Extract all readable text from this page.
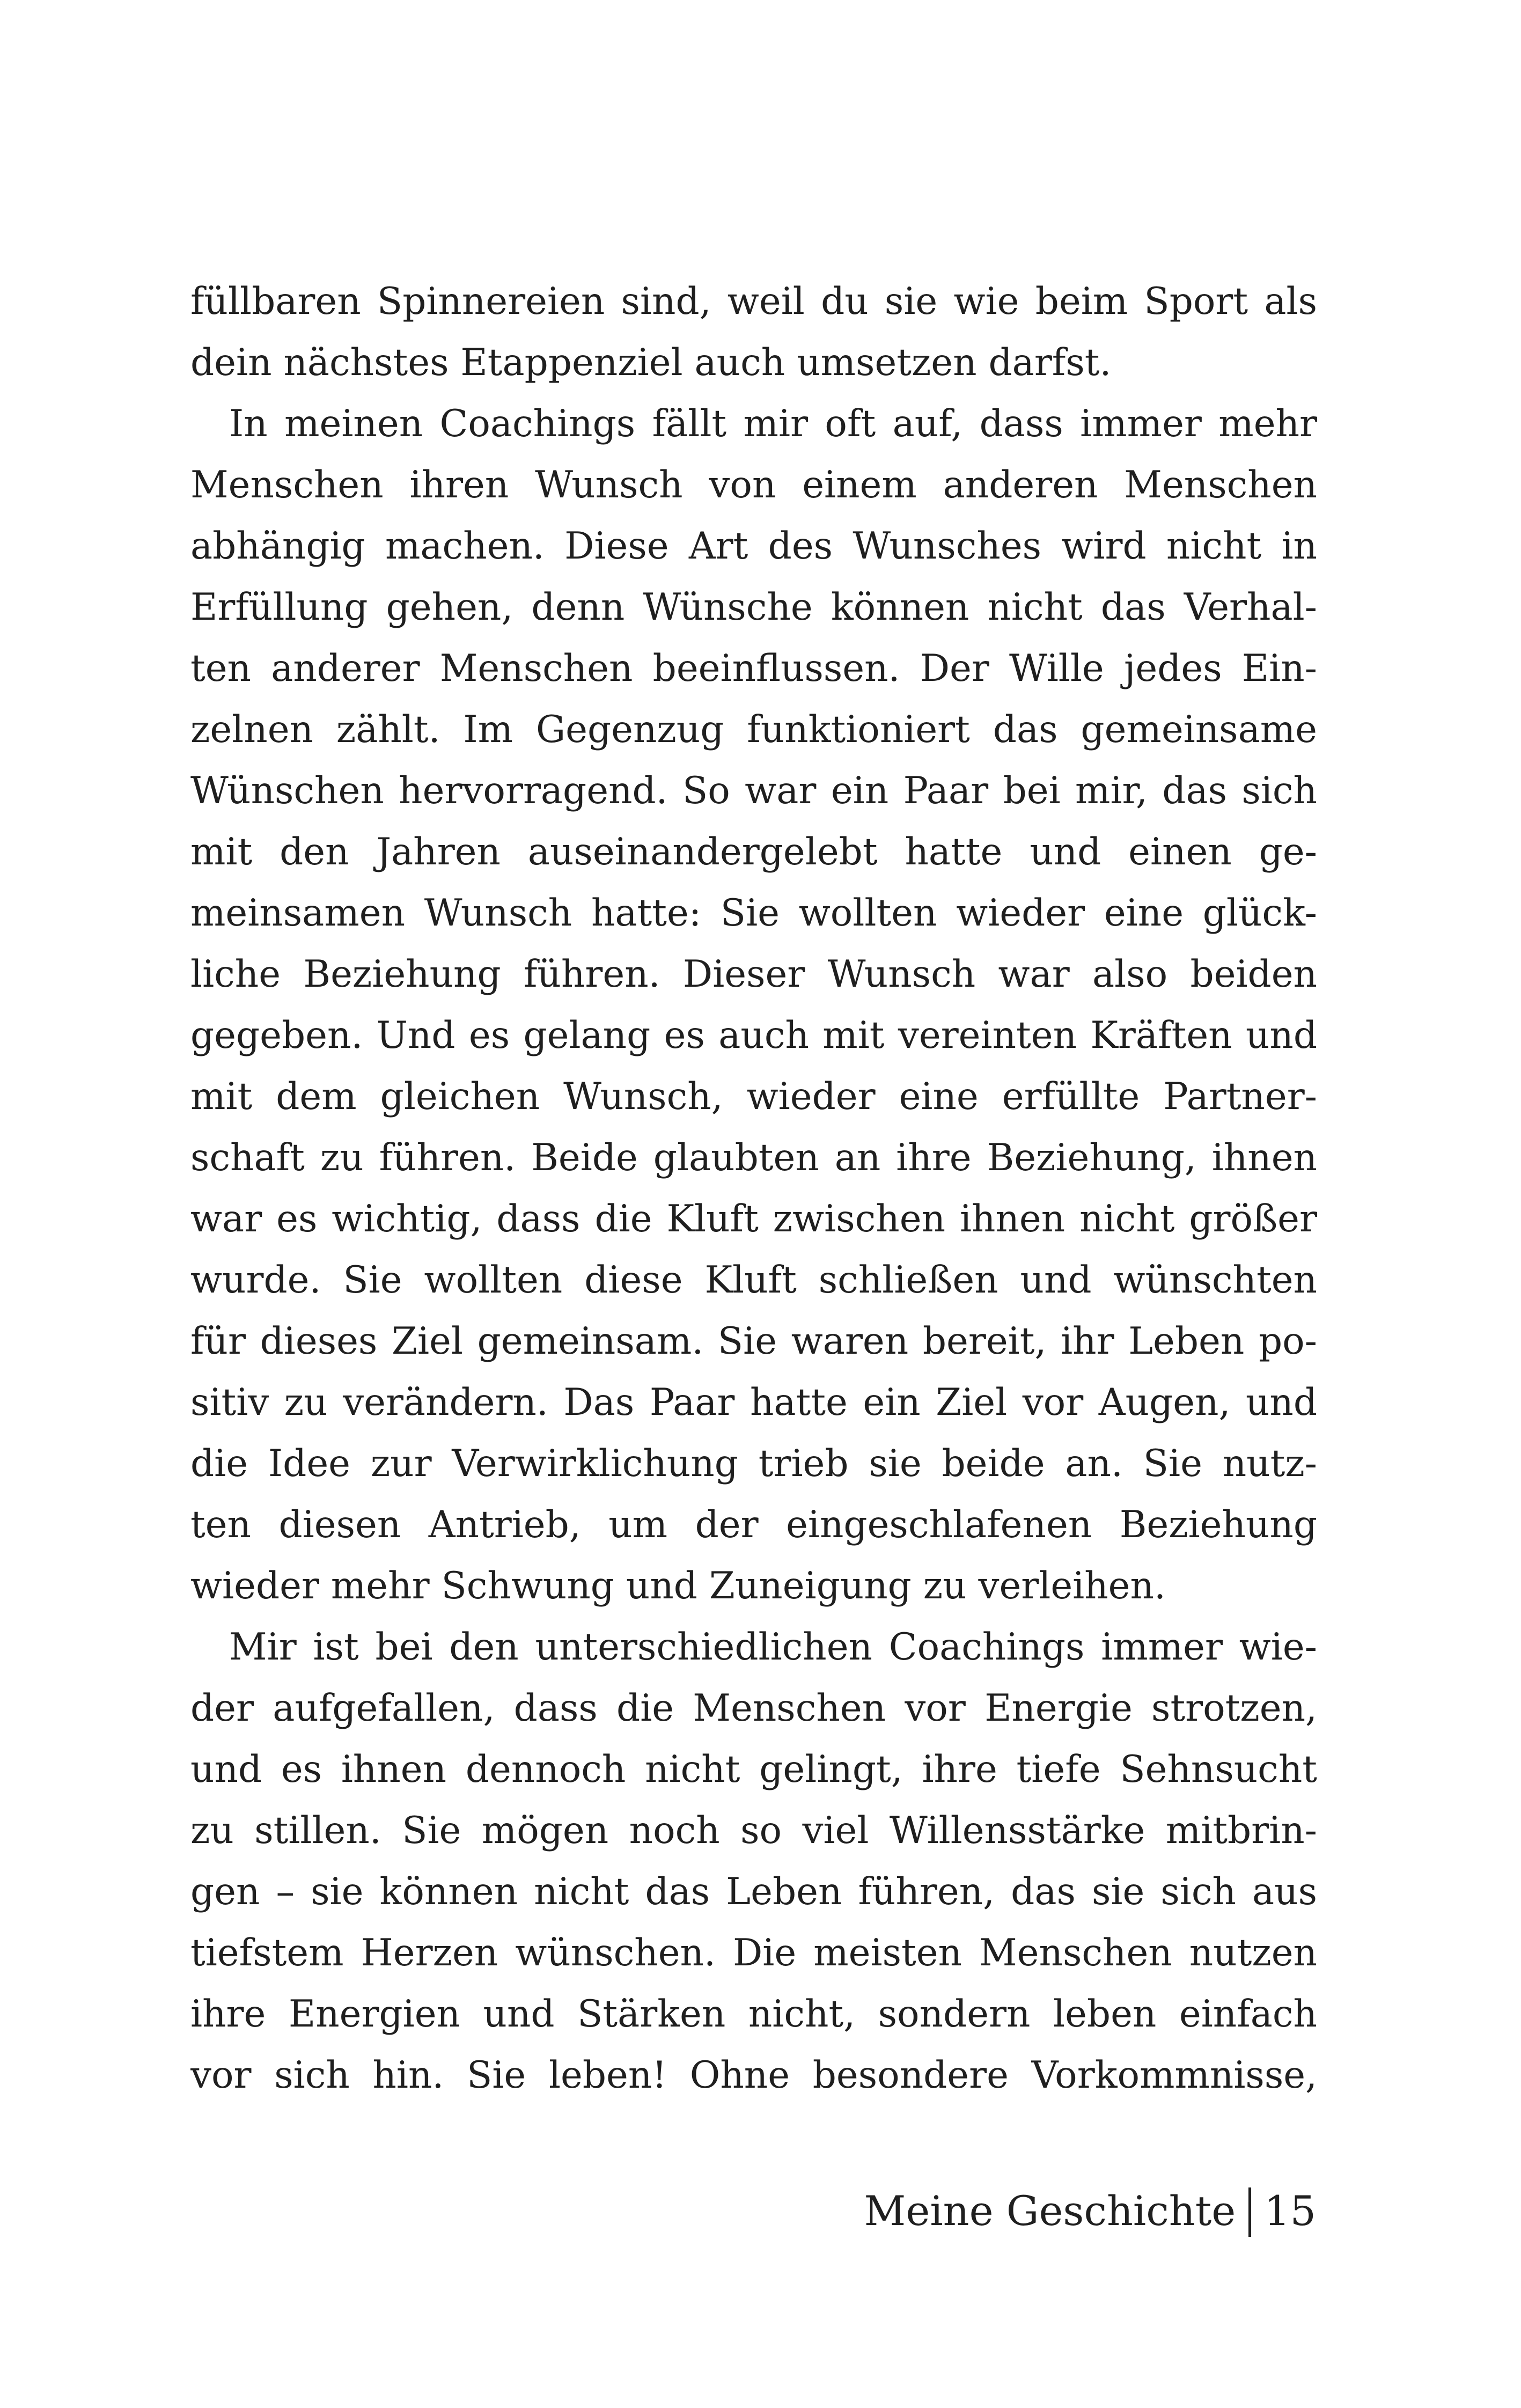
füllbaren Spinnereien sind, weil du sie wie beim Sport als
dein nächstes Etappenziel auch umsetzen darfst.
In meinen Coachings fällt mir oft auf, dass immer mehr
Menschen ihren Wunsch von einem anderen Menschen
abhängig machen. Diese Art des Wunsches wird nicht in
Erfüllung gehen, denn Wünsche können nicht das Verhal-
ten anderer Menschen beeinflussen. Der Wille jedes Ein-
zelnen zählt. Im Gegenzug funktioniert das gemeinsame
Wünschen hervorragend. So war ein Paar bei mir, das sich
mit den Jahren auseinandergelebt hatte und einen ge-
meinsamen Wunsch hatte: Sie wollten wieder eine glück-
liche Beziehung führen. Dieser Wunsch war also beiden
gegeben. Und es gelang es auch mit vereinten Kräften und
mit dem gleichen Wunsch, wieder eine erfüllte Partner-
schaft zu führen. Beide glaubten an ihre Beziehung, ihnen
war es wichtig, dass die Kluft zwischen ihnen nicht größer
wurde. Sie wollten diese Kluft schließen und wünschten
für dieses Ziel gemeinsam. Sie waren bereit, ihr Leben po-
sitiv zu verändern. Das Paar hatte ein Ziel vor Augen, und
die Idee zur Verwirklichung trieb sie beide an. Sie nutz-
ten diesen Antrieb, um der eingeschlafenen Beziehung
wieder mehr Schwung und Zuneigung zu verleihen.
Mir ist bei den unterschiedlichen Coachings immer wie-
der aufgefallen, dass die Menschen vor Energie strotzen,
und es ihnen dennoch nicht gelingt, ihre tiefe Sehnsucht
zu stillen. Sie mögen noch so viel Willensstärke mitbrin-
gen – sie können nicht das Leben führen, das sie sich aus
tiefstem Herzen wünschen. Die meisten Menschen nutzen
ihre Energien und Stärken nicht, sondern leben einfach
vor sich hin. Sie leben! Ohne besondere Vorkommnisse,
Meine Geschichte 15
